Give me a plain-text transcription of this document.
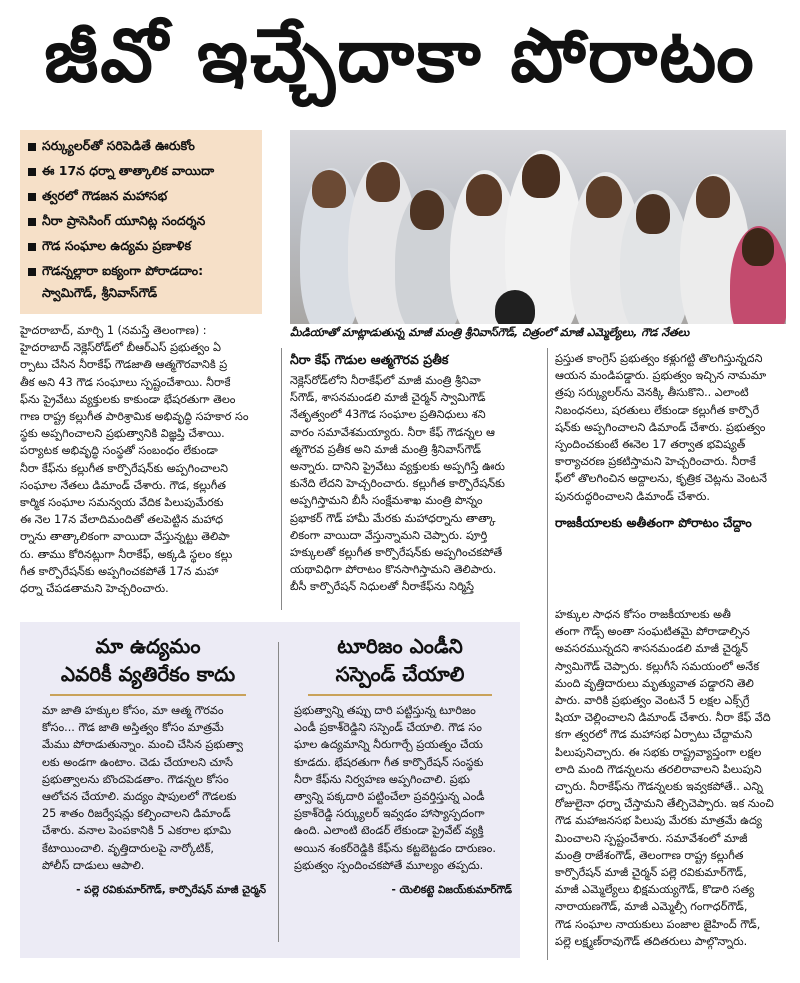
జీవో ఇచ్చేదాకా పోరాటం
సర్క్యులర్‌తో సరిపెడితే ఊరుకోం
ఈ 17న ధర్నా తాత్కాలిక వాయిదా
త్వరలో గౌడజన మహాసభ
నీరా ప్రాసెసింగ్ యూనిట్ల సందర్శన
గౌడ సంఘాల ఉద్యమ ప్రణాళిక
గౌడన్నల్లారా ఐక్యంగా పోరాడదాం:
స్వామిగౌడ్, శ్రీనివాస్‌గౌడ్
మీడియాతో మాట్లాడుతున్న మాజీ మంత్రి శ్రీనివాస్‌గౌడ్, చిత్రంలో మాజీ ఎమ్మెల్యేలు, గౌడ నేతలు

హైదరాబాద్, మార్చి 1 (నమస్తే తెలంగాణ) :

హైదరాబాద్ నెక్లెస్‌రోడ్‌లో బీఆర్‌ఎస్ ప్రభుత్వం ఏ

ర్పాటు చేసిన నీరాకేఫ్ గౌడజాతి ఆత్మగౌరవానికి ప్ర

తీక అని 43 గౌడ సంఘాలు స్పష్టంచేశాయి. నీరాకే

ఫ్‌ను ప్రైవేటు వ్యక్తులకు కాకుండా భేషరతుగా తెలం

గాణ రాష్ట్ర కల్లుగీత పారిశ్రామిక అభివృద్ధి సహకార సం

స్థకు అప్పగించాలని ప్రభుత్వానికి విజ్ఞప్తి చేశాయి.

పర్యాటక అభివృద్ధి సంస్థతో సంబంధం లేకుండా

నీరా కేఫ్‌ను కల్లుగీత కార్పొరేషన్‌కు అప్పగించాలని

సంఘాల నేతలు డిమాండ్ చేశారు. గౌడ, కల్లుగీత

కార్మిక సంఘాల సమన్వయ వేదిక పిలుపుమేరకు

ఈ నెల 17న వేలాదిమందితో తలపెట్టిన మహాధ

ర్నాను తాత్కాలికంగా వాయిదా వేస్తున్నట్టు తెలిపా

రు. తాము కోరినట్లుగా నీరాకేఫ్, అక్కడి స్థలం కల్లు

గీత కార్పొరేషన్‌కు అప్పగించకపోతే 17న మహా

ధర్నా చేపడతామని హెచ్చరించారు.

నీరా కేఫ్ గౌడుల ఆత్మగౌరవ ప్రతీక

నెక్లెస్‌రోడ్‌లోని నీరాకేఫ్‌లో మాజీ మంత్రి శ్రీనివా

స్‌గౌడ్, శాసనమండలి మాజీ చైర్మన్ స్వామిగౌడ్

నేతృత్వంలో 43గౌడ సంఘాల ప్రతినిధులు శని

వారం సమావేశమయ్యారు. నీరా కేఫ్ గౌడన్నల ఆ

త్మగౌరవ ప్రతీక అని మాజీ మంత్రి శ్రీనివాస్‌గౌడ్

అన్నారు. దానిని ప్రైవేటు వ్యక్తులకు అప్పగిస్తే ఊరు

కునేది లేదని హెచ్చరించారు. కల్లుగీత కార్పొరేషన్‌కు

అప్పగిస్తామని బీసీ సంక్షేమశాఖ మంత్రి పొన్నం

ప్రభాకర్ గౌడ్ హామీ మేరకు మహాధర్నాను తాత్కా

లికంగా వాయిదా వేస్తున్నామని చెప్పారు. పూర్తి

హక్కులతో కల్లుగీత కార్పొరేషన్‌కు అప్పగించకపోతే

యథావిధిగా పోరాటం కొనసాగిస్తామని తెలిపారు.

బీసీ కార్పొరేషన్ నిధులతో నీరాకేఫ్‌ను నిర్మిస్తే

ప్రస్తుత కాంగ్రెస్ ప్రభుత్వం కళ్లుగట్టి తొలగిస్తున్నదని

ఆయన మండిపడ్డారు. ప్రభుత్వం ఇచ్చిన నామమా

త్రపు సర్క్యులర్‌ను వెనక్కి తీసుకొని.. ఎలాంటి

నిబంధనలు, షరతులు లేకుండా కల్లుగీత కార్పొరే

షన్‌కు అప్పగించాలని డిమాండ్ చేశారు. ప్రభుత్వం

స్పందించకుంటే ఈనెల 17 తర్వాత భవిష్యత్

కార్యాచరణ ప్రకటిస్తామని హెచ్చరించారు. నీరాకే

ఫ్‌లో తొలగించిన అద్దాలను, కృత్రిక చెట్లను వెంటనే

పునరుద్ధరించాలని డిమాండ్ చేశారు.

రాజకీయాలకు అతీతంగా పోరాటం చేద్దాం

హక్కుల సాధన కోసం రాజకీయాలకు అతీ

తంగా గౌడ్స్ అంతా సంఘటితమై పోరాడాల్సిన

అవసరమున్నదని శాసనమండలి మాజీ చైర్మన్

స్వామిగౌడ్ చెప్పారు. కల్లుగీసే సమయంలో అనేక

మంది వృత్తిదారులు మృత్యువాత పడ్డారని తెలి

పారు. వారికి ప్రభుత్వం వెంటనే 5 లక్షల ఎక్స్‌గ్రే

షియా చెల్లించాలని డిమాండ్ చేశారు. నీరా కేఫ్ వేది

కగా త్వరలో గౌడ మహాసభ ఏర్పాటు చేద్దామని

పిలుపునిచ్చారు. ఈ సభకు రాష్ట్రవ్యాప్తంగా లక్షల

లాది మంది గౌడన్నలను తరలిరావాలని పిలుపుని

చ్చారు. నీరాకేఫ్‌ను గౌడన్నలకు ఇవ్వకపోతే.. ఎన్ని

రోజులైనా ధర్నా చేస్తామని తేల్చిచెప్పారు. ఇక నుంచి

గౌడ మహాజనసభ పిలుపు మేరకు మాత్రమే ఉద్య

మించాలని స్పష్టంచేశారు. సమావేశంలో మాజీ

మంత్రి రాజేశంగౌడ్, తెలంగాణ రాష్ట్ర కల్లుగీత

కార్పొరేషన్ మాజీ చైర్మన్ పల్లె రవికుమార్‌గౌడ్,

మాజీ ఎమ్మెల్యేలు భిక్షమయ్యగౌడ్, కొడారి సత్య

నారాయణగౌడ్, మాజీ ఎమ్మెల్సీ గంగాధర్‌గౌడ్,

గౌడ సంఘాల నాయకులు పంజాల జైహింద్ గౌడ్,

పల్లె లక్ష్మణ్‌రావుగౌడ్ తదితరులు పాల్గొన్నారు.

మా ఉద్యమం
ఎవరికీ వ్యతిరేకం కాదు

మా జాతి హక్కుల కోసం, మా ఆత్మ గౌరవం

కోసం... గౌడ జాతి అస్తిత్వం కోసం మాత్రమే

మేము పోరాడుతున్నాం. మంచి చేసిన ప్రభుత్వా

లకు అండగా ఉంటాం. చెడు చేయాలని చూసే

ప్రభుత్వాలను బొందపెడతాం. గౌడన్నల కోసం

ఆలోచన చేయాలి. మద్యం షాపులలో గౌడలకు

25 శాతం రిజర్వేషన్లు కల్పించాలని డిమాండ్

చేశారు. వనాల పెంపకానికి 5 ఎకరాల భూమి

కేటాయించాలి. వృత్తిదారులపై నార్కోటిక్,

పోలీస్ దాడులు ఆపాలి.

- పల్లె రవికుమార్‌గౌడ్, కార్పొరేషన్ మాజీ చైర్మన్
టూరిజం ఎండీని
సస్పెండ్ చేయాలి

ప్రభుత్వాన్ని తప్పు దారి పట్టిస్తున్న టూరిజం

ఎండీ ప్రకాశ్‌రెడ్డిని సస్పెండ్ చేయాలి. గౌడ సం

ఘాల ఉద్యమాన్ని నీరుగార్చే ప్రయత్నం చేయ

కూడదు. భేషరతుగా గీత కార్పొరేషన్ సంస్థకు

నీరా కేఫ్‌ను నిర్వహణ అప్పగించాలి. ప్రభు

త్వాన్ని పక్కదారి పట్టించేలా ప్రవర్తిస్తున్న ఎండీ

ప్రకాశ్‌రెడ్డి సర్క్యులర్ ఇవ్వడం హాస్యాస్పదంగా

ఉంది. ఎలాంటి టెండర్ లేకుండా ప్రైవేట్ వ్యక్తి

అయిన శంకర్‌రెడ్డికి కేఫ్‌ను కట్టబెట్టడం దారుణం.

ప్రభుత్వం స్పందించకపోతే మూల్యం తప్పదు.

- యెలికట్టె విజయ్‌కుమార్‌గౌడ్
